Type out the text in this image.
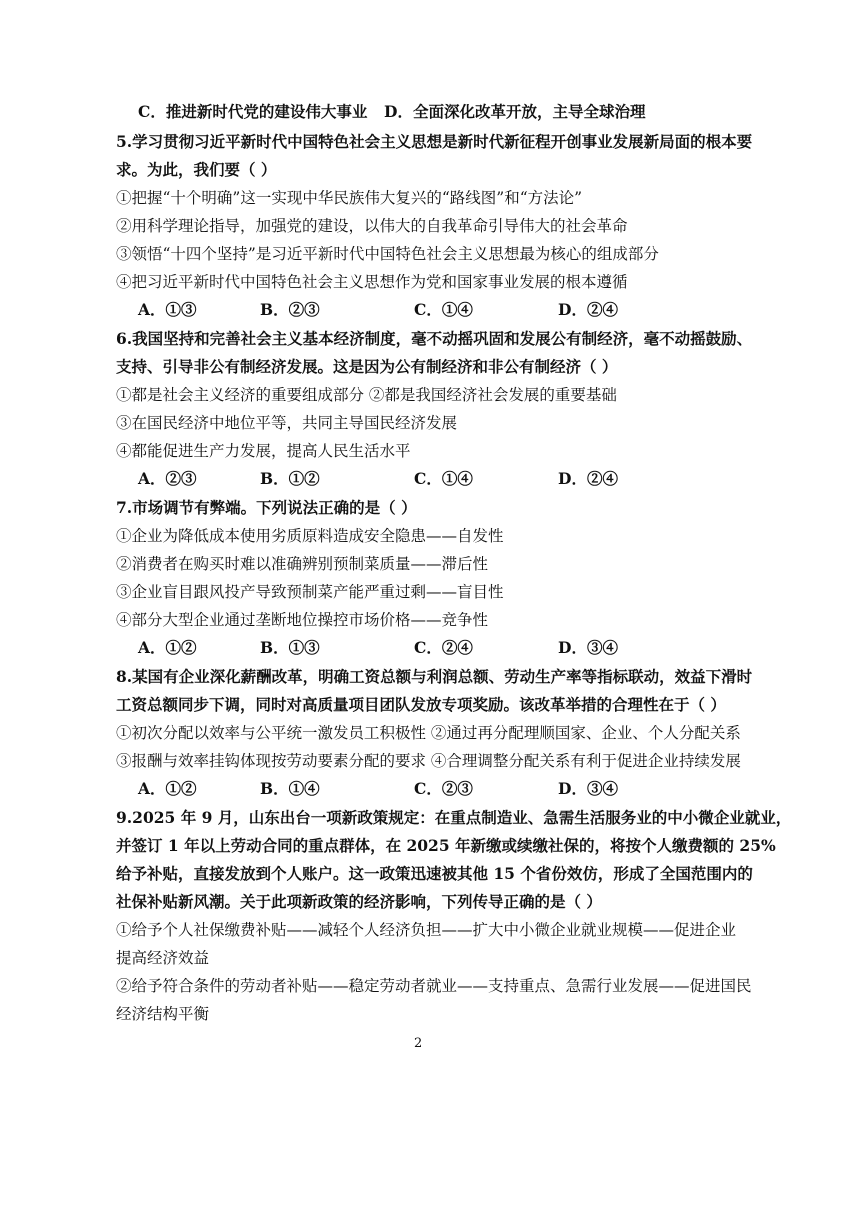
C．推进新时代党的建设伟大事业 D．全面深化改革开放，主导全球治理
5.学习贯彻习近平新时代中国特色社会主义思想是新时代新征程开创事业发展新局面的根本要
求。为此，我们要（ ）
①把握“十个明确”这一实现中华民族伟大复兴的“路线图”和“方法论”
②用科学理论指导，加强党的建设，以伟大的自我革命引导伟大的社会革命
③领悟“十四个坚持”是习近平新时代中国特色社会主义思想最为核心的组成部分
④把习近平新时代中国特色社会主义思想作为党和国家事业发展的根本遵循
A．①③	B．②③	C．①④	D．②④
6.我国坚持和完善社会主义基本经济制度，毫不动摇巩固和发展公有制经济，毫不动摇鼓励、
支持、引导非公有制经济发展。这是因为公有制经济和非公有制经济（ ）
①都是社会主义经济的重要组成部分 ②都是我国经济社会发展的重要基础
③在国民经济中地位平等，共同主导国民经济发展
④都能促进生产力发展，提高人民生活水平
A．②③	B．①②	C．①④	D．②④
7.市场调节有弊端。下列说法正确的是（ ）
①企业为降低成本使用劣质原料造成安全隐患——自发性
②消费者在购买时难以准确辨别预制菜质量——滞后性
③企业盲目跟风投产导致预制菜产能严重过剩——盲目性
④部分大型企业通过垄断地位操控市场价格——竞争性
A．①②	B．①③	C．②④	D．③④
8.某国有企业深化薪酬改革，明确工资总额与利润总额、劳动生产率等指标联动，效益下滑时
工资总额同步下调，同时对高质量项目团队发放专项奖励。该改革举措的合理性在于（ ）
①初次分配以效率与公平统一激发员工积极性 ②通过再分配理顺国家、企业、个人分配关系
③报酬与效率挂钩体现按劳动要素分配的要求 ④合理调整分配关系有利于促进企业持续发展
A．①②	B．①④	C．②③	D．③④
9.2025 年 9 月，山东出台一项新政策规定：在重点制造业、急需生活服务业的中小微企业就业，
并签订 1 年以上劳动合同的重点群体，在 2025 年新缴或续缴社保的，将按个人缴费额的 25%
给予补贴，直接发放到个人账户。这一政策迅速被其他 15 个省份效仿，形成了全国范围内的
社保补贴新风潮。关于此项新政策的经济影响，下列传导正确的是（ ）
①给予个人社保缴费补贴——减轻个人经济负担——扩大中小微企业就业规模——促进企业
提高经济效益
②给予符合条件的劳动者补贴——稳定劳动者就业——支持重点、急需行业发展——促进国民
经济结构平衡
2
